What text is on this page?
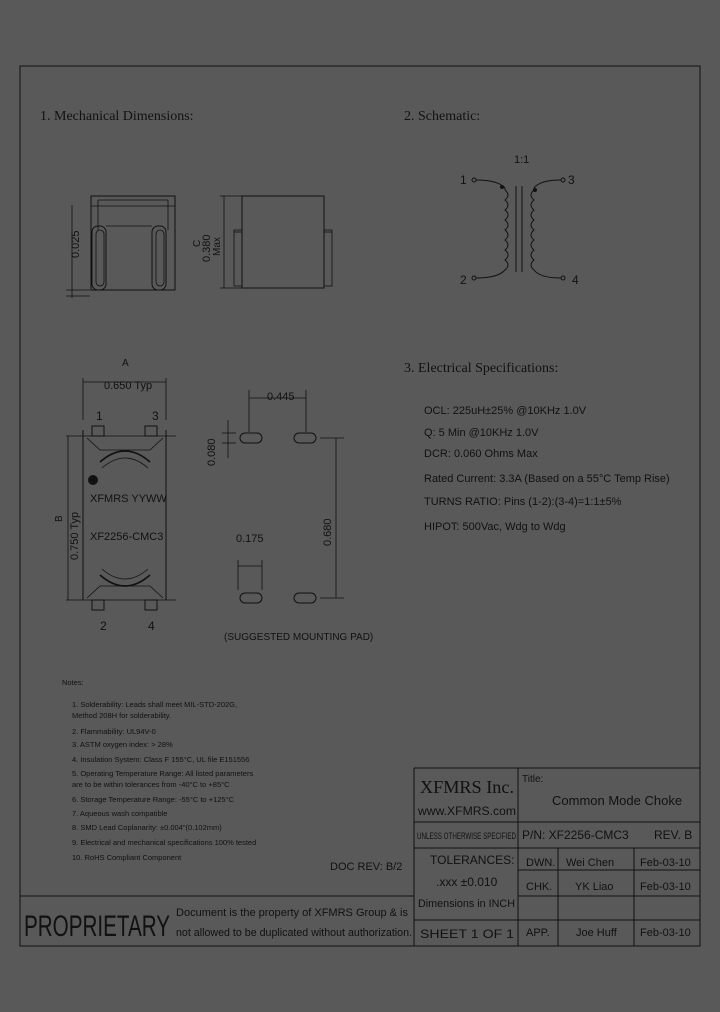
1. Mechanical Dimensions:	2. Schematic:
3. Electrical Specifications:
0.025	C
0.380 Max
A
0.650 Typ
1	3
XFMRS YYWW
XF2256-CMC3
B 0.750 Typ
2	4
0.445
0.080
0.680
0.175
(SUGGESTED MOUNTING PAD)
1:1
1	3
2	4
OCL: 225uH±25% @10KHz 1.0V
Q: 5 Min @10KHz 1.0V
DCR: 0.060 Ohms Max
Rated Current: 3.3A (Based on a 55°C Temp Rise)
TURNS RATIO: Pins (1-2):(3-4)=1:1±5%
HIPOT: 500Vac, Wdg to Wdg
Notes:
1. Solderability: Leads shall meet MIL-STD-202G,
Method 208H for solderability.
2. Flammability: UL94V-0
3. ASTM oxygen index: > 28%
4. Insulation System: Class F 155°C, UL file E151556
5. Operating Temperature Range: All listed parameters
are to be within tolerances from -40°C to +85°C
6. Storage Temperature Range: -55°C to +125°C
7. Aqueous wash compatible
8. SMD Lead Coplanarity: ±0.004"(0.102mm)
9. Electrical and mechanical specifications 100% tested
10. RoHS Compliant Component
DOC REV: B/2
XFMRS Inc.
www.XFMRS.com
Title:
Common Mode Choke
UNLESS OTHERWISE SPECIFIED P/N: XF2256-CMC3 REV. B
TOLERANCES:
.xxx ±0.010
Dimensions in INCH
SHEET 1 OF 1
DWN. Wei Chen Feb-03-10
CHK. YK Liao Feb-03-10
APP. Joe Huff Feb-03-10
PROPRIETARY Document is the property of XFMRS Group & is
not allowed to be duplicated without authorization.
